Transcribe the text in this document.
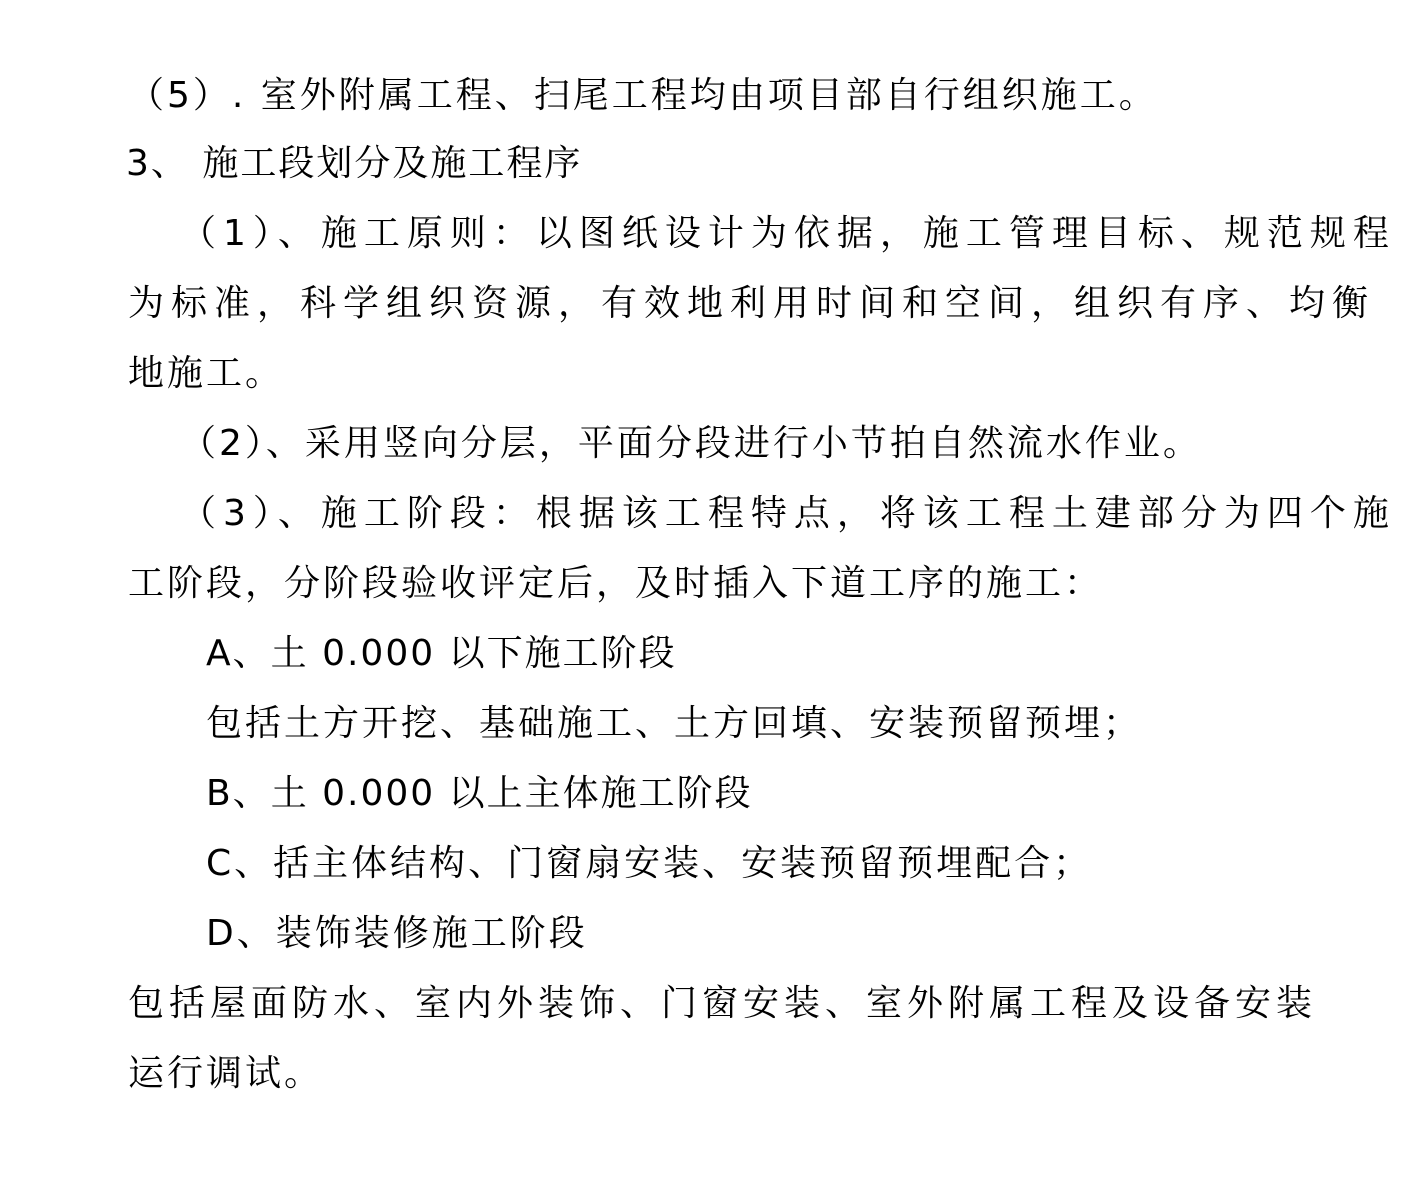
（5）. 室外附属工程、扫尾工程均由项目部自行组织施工。
3、 施工段划分及施工程序
（1）、施工原则：以图纸设计为依据，施工管理目标、规范规程
为标准，科学组织资源，有效地利用时间和空间，组织有序、均衡
地施工。
（2）、采用竖向分层，平面分段进行小节拍自然流水作业。
（3）、施工阶段：根据该工程特点，将该工程土建部分为四个施
工阶段，分阶段验收评定后，及时插入下道工序的施工：
A、土 0.000 以下施工阶段
包括土方开挖、基础施工、土方回填、安装预留预埋；
B、土 0.000 以上主体施工阶段
C、括主体结构、门窗扇安装、安装预留预埋配合；
D、装饰装修施工阶段
包括屋面防水、室内外装饰、门窗安装、室外附属工程及设备安装
运行调试。
